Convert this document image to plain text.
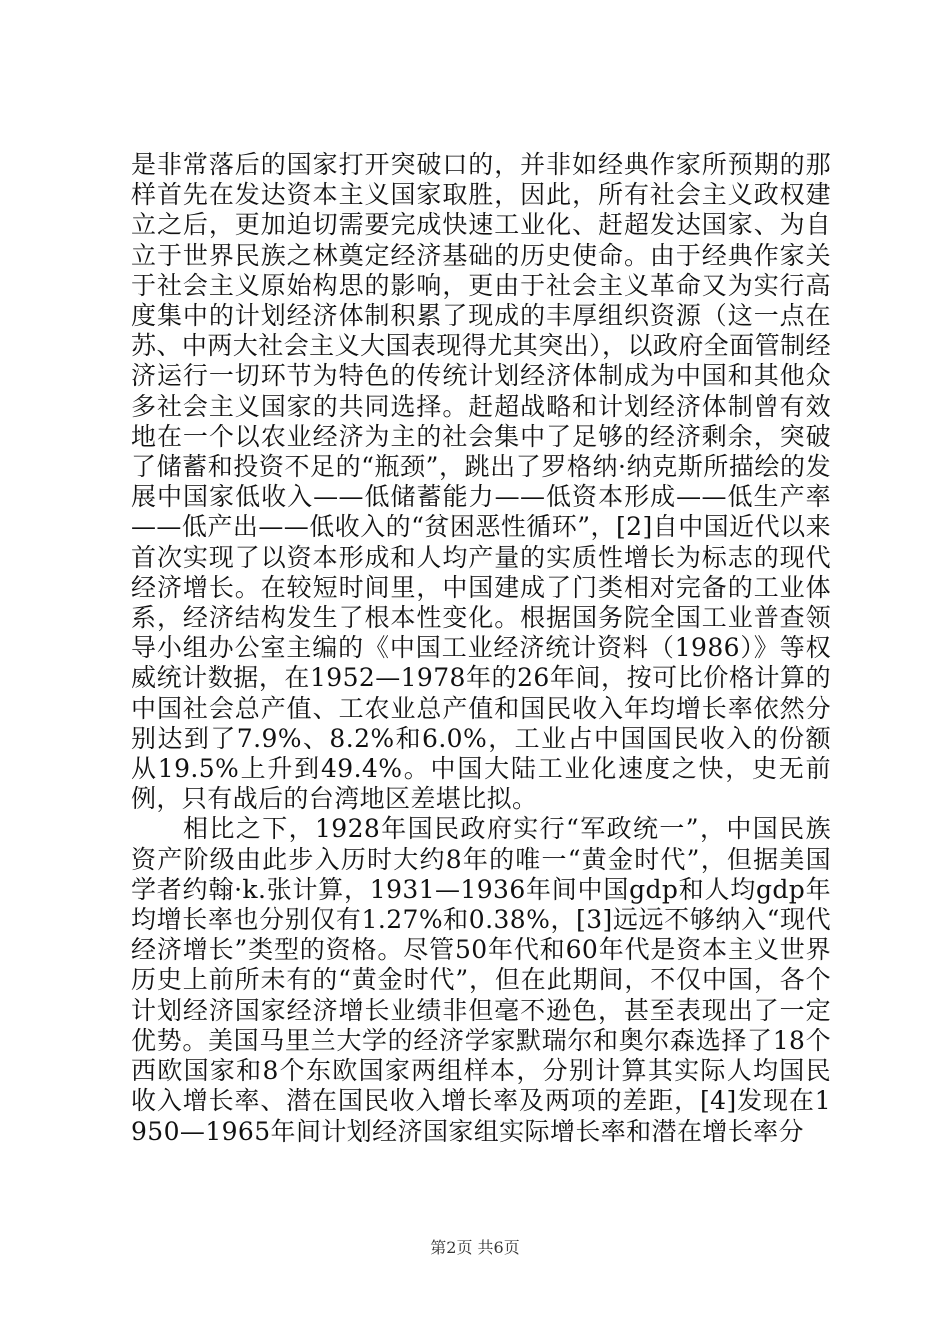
是非常落后的国家打开突破口的，并非如经典作家所预期的那样首先在发达资本主义国家取胜，因此，所有社会主义政权建立之后，更加迫切需要完成快速工业化、赶超发达国家、为自立于世界民族之林奠定经济基础的历史使命。由于经典作家关于社会主义原始构思的影响，更由于社会主义革命又为实行高度集中的计划经济体制积累了现成的丰厚组织资源（这一点在苏、中两大社会主义大国表现得尤其突出），以政府全面管制经济运行一切环节为特色的传统计划经济体制成为中国和其他众多社会主义国家的共同选择。赶超战略和计划经济体制曾有效地在一个以农业经济为主的社会集中了足够的经济剩余，突破了储蓄和投资不足的“瓶颈”，跳出了罗格纳·纳克斯所描绘的发展中国家低收入——低储蓄能力——低资本形成——低生产率——低产出——低收入的“贫困恶性循环”，[2]自中国近代以来首次实现了以资本形成和人均产量的实质性增长为标志的现代经济增长。在较短时间里，中国建成了门类相对完备的工业体系，经济结构发生了根本性变化。根据国务院全国工业普查领导小组办公室主编的《中国工业经济统计资料（1986）》等权威统计数据，在1952—1978年的26年间，按可比价格计算的中国社会总产值、工农业总产值和国民收入年均增长率依然分别达到了7.9%、8.2%和6.0%，工业占中国国民收入的份额从19.5%上升到49.4%。中国大陆工业化速度之快，史无前例，只有战后的台湾地区差堪比拟。

相比之下，1928年国民政府实行“军政统一”，中国民族资产阶级由此步入历时大约8年的唯一“黄金时代”，但据美国学者约翰·k.张计算，1931—1936年间中国gdp和人均gdp年均增长率也分别仅有1.27%和0.38%，[3]远远不够纳入“现代经济增长”类型的资格。尽管50年代和60年代是资本主义世界历史上前所未有的“黄金时代”，但在此期间，不仅中国，各个计划经济国家经济增长业绩非但毫不逊色，甚至表现出了一定优势。美国马里兰大学的经济学家默瑞尔和奥尔森选择了18个西欧国家和8个东欧国家两组样本，分别计算其实际人均国民收入增长率、潜在国民收入增长率及两项的差距，[4]发现在1950—1965年间计划经济国家组实际增长率和潜在增长率分

第2页 共6页
